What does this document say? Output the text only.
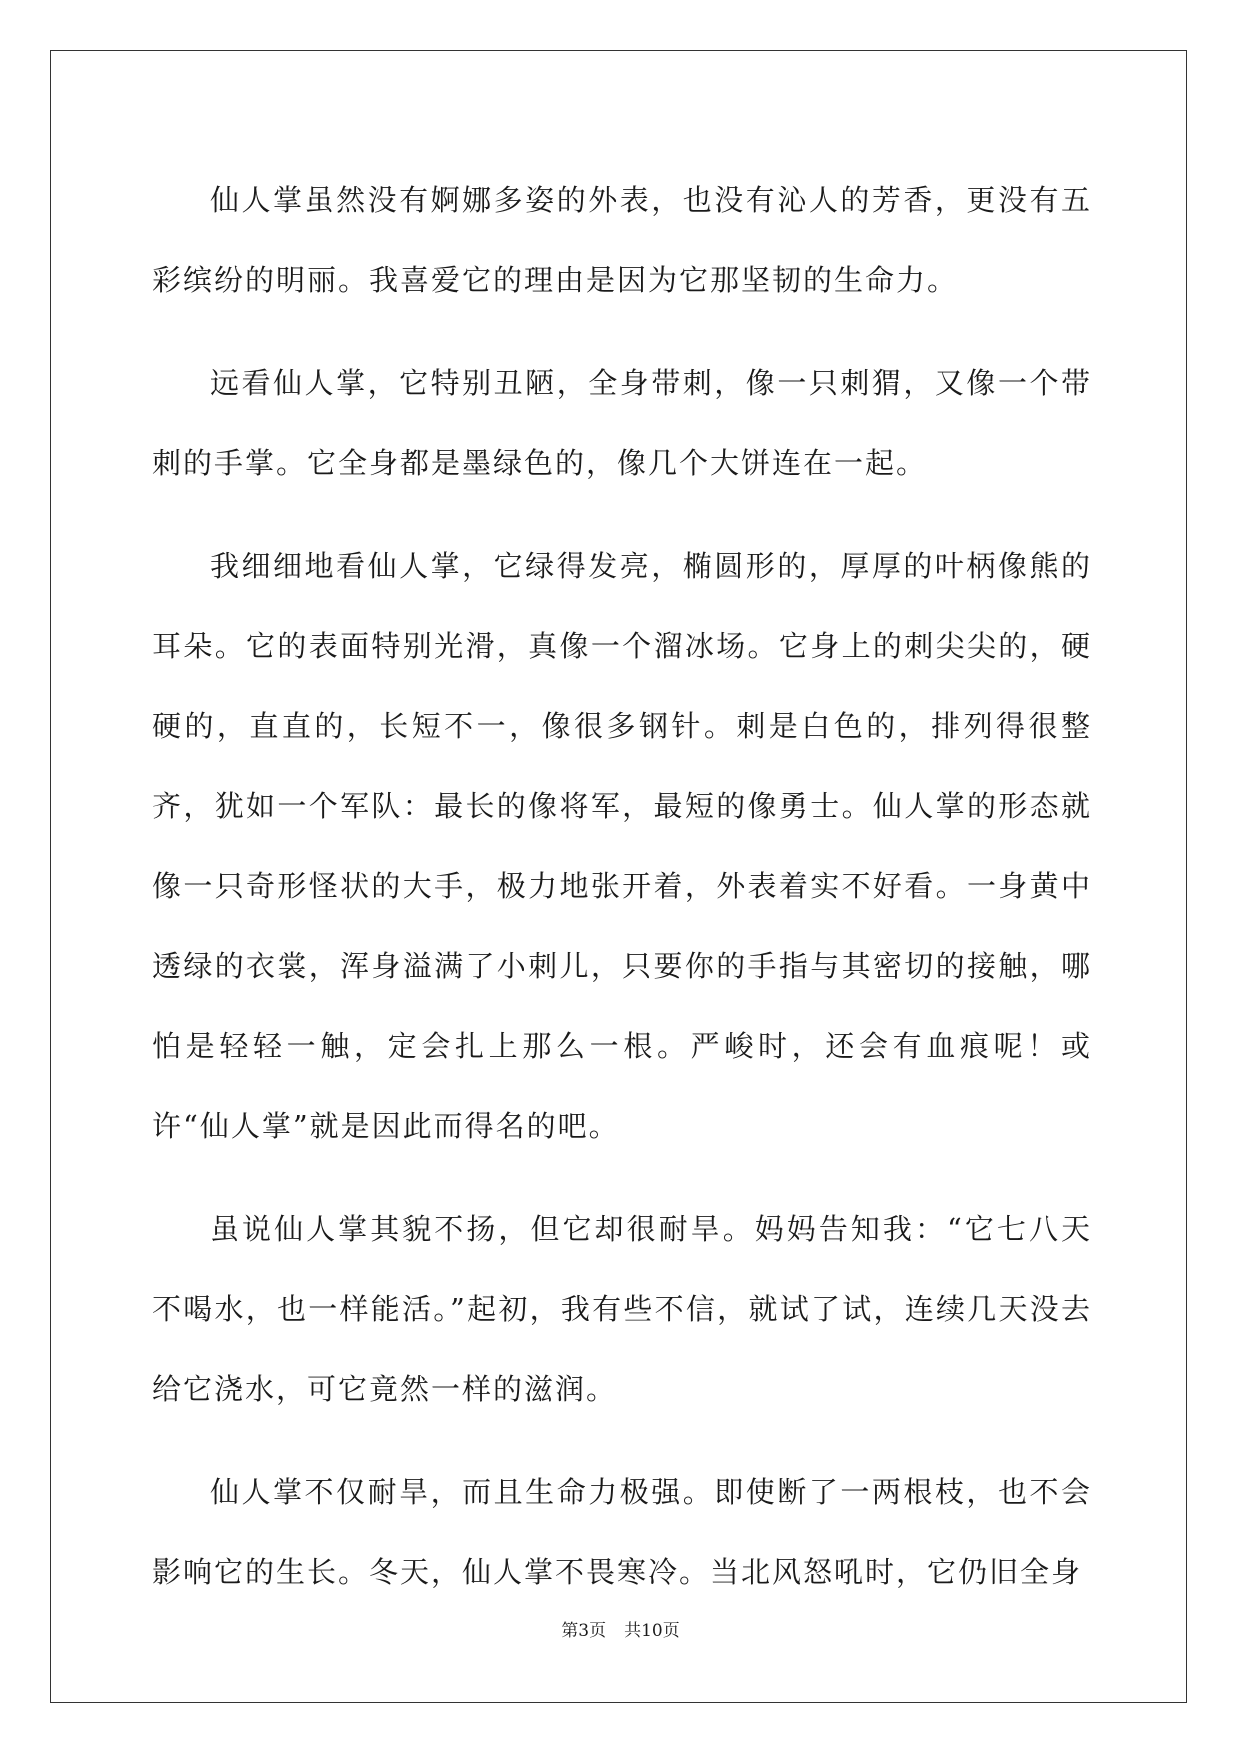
仙人掌虽然没有婀娜多姿的外表，也没有沁人的芳香，更没有五彩缤纷的明丽。我喜爱它的理由是因为它那坚韧的生命力。

远看仙人掌，它特别丑陋，全身带刺，像一只刺猬，又像一个带刺的手掌。它全身都是墨绿色的，像几个大饼连在一起。

我细细地看仙人掌，它绿得发亮，椭圆形的，厚厚的叶柄像熊的耳朵。它的表面特别光滑，真像一个溜冰场。它身上的刺尖尖的，硬硬的，直直的，长短不一，像很多钢针。刺是白色的，排列得很整齐，犹如一个军队：最长的像将军，最短的像勇士。仙人掌的形态就像一只奇形怪状的大手，极力地张开着，外表着实不好看。一身黄中透绿的衣裳，浑身溢满了小刺儿，只要你的手指与其密切的接触，哪怕是轻轻一触，定会扎上那么一根。严峻时，还会有血痕呢！或许“仙人掌”就是因此而得名的吧。

虽说仙人掌其貌不扬，但它却很耐旱。妈妈告知我：“它七八天不喝水，也一样能活。”起初，我有些不信，就试了试，连续几天没去给它浇水，可它竟然一样的滋润。

仙人掌不仅耐旱，而且生命力极强。即使断了一两根枝，也不会影响它的生长。冬天，仙人掌不畏寒冷。当北风怒吼时，它仍旧全身

第3页 共10页
